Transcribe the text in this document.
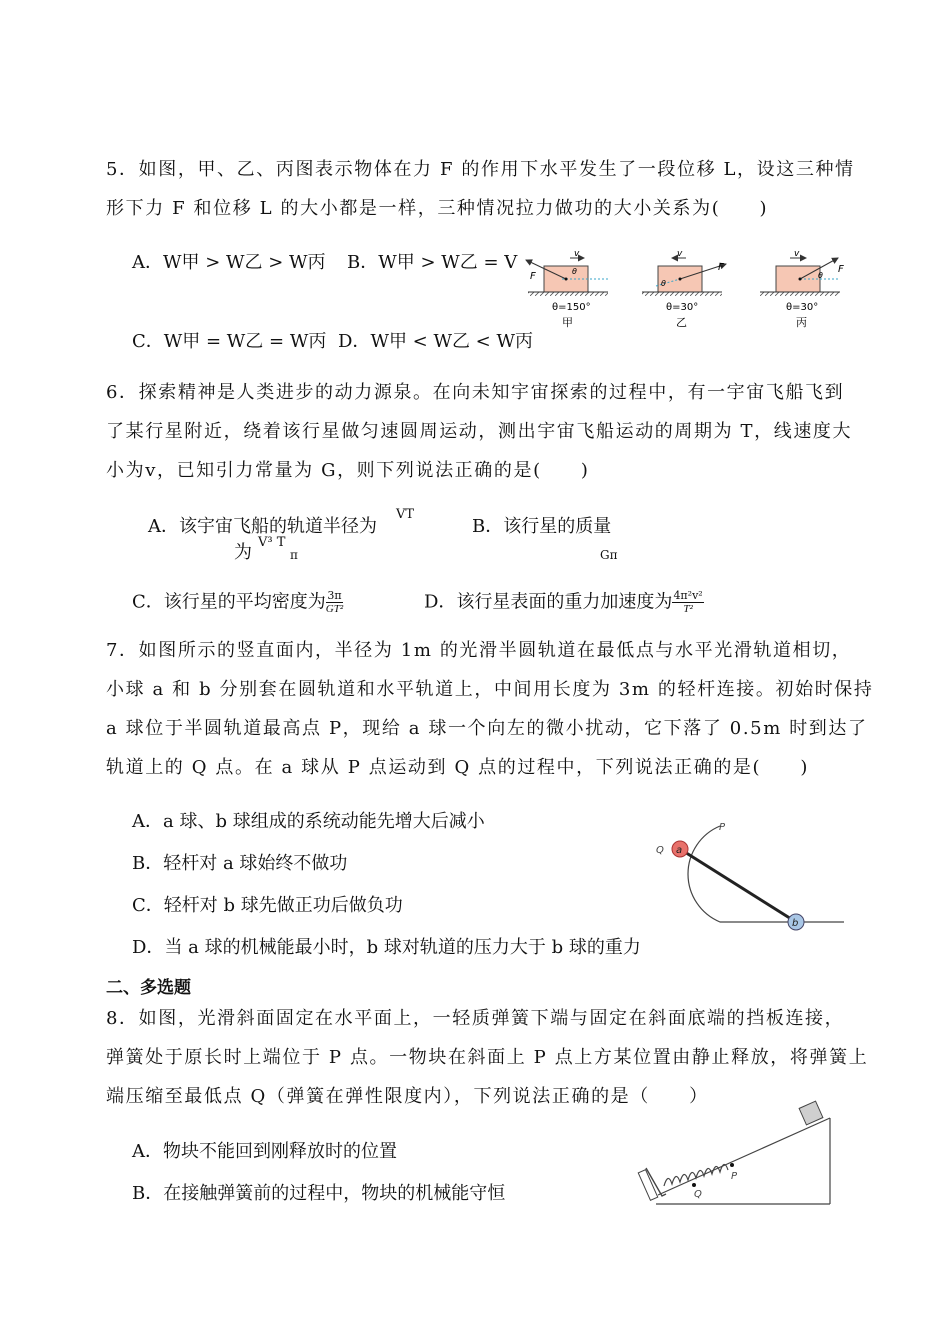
5．如图，甲、乙、丙图表示物体在力 F 的作用下水平发生了一段位移 L，设这三种情
形下力 F 和位移 L 的大小都是一样，三种情况拉力做功的大小关系为(　　)
A．W甲 > W乙 > W丙 B．W甲 > W乙 = V
C．W甲 = W乙 = W丙 D．W甲 < W乙 < W丙
v
F	θ
θ=150°
甲
v
F
θ
θ=30°
乙
v
F
θ
θ=30°
丙
6．探索精神是人类进步的动力源泉。在向未知宇宙探索的过程中，有一宇宙飞船飞到
了某行星附近，绕着该行星做匀速圆周运动，测出宇宙飞船运动的周期为 T，线速度大
小为v，已知引力常量为 G，则下列说法正确的是(　　)
A．该宇宙飞船的轨道半径为
VT
为 V³ T
π
B．该行星的质量
Gπ
C．该行星的平均密度为 $\frac{3\pi}{\text{GT²}}$	D．该行星表面的重力加速度为 $\frac{\text{4π²v²}}{\text{T²}}$
7．如图所示的竖直面内，半径为 1m 的光滑半圆轨道在最低点与水平光滑轨道相切，
小球 a 和 b 分别套在圆轨道和水平轨道上，中间用长度为 3m 的轻杆连接。初始时保持
a 球位于半圆轨道最高点 P，现给 a 球一个向左的微小扰动，它下落了 0.5m 时到达了
轨道上的 Q 点。在 a 球从 P 点运动到 Q 点的过程中，下列说法正确的是(　　)
A．a 球、b 球组成的系统动能先增大后减小
B．轻杆对 a 球始终不做功
C．轻杆对 b 球先做正功后做负功
D．当 a 球的机械能最小时，b 球对轨道的压力大于 b 球的重力
a
b
P
Q
二、多选题
8．如图，光滑斜面固定在水平面上，一轻质弹簧下端与固定在斜面底端的挡板连接，
弹簧处于原长时上端位于 P 点。一物块在斜面上 P 点上方某位置由静止释放，将弹簧上
端压缩至最低点 Q（弹簧在弹性限度内），下列说法正确的是（　　）
A．物块不能回到刚释放时的位置
B．在接触弹簧前的过程中，物块的机械能守恒	Q
P
